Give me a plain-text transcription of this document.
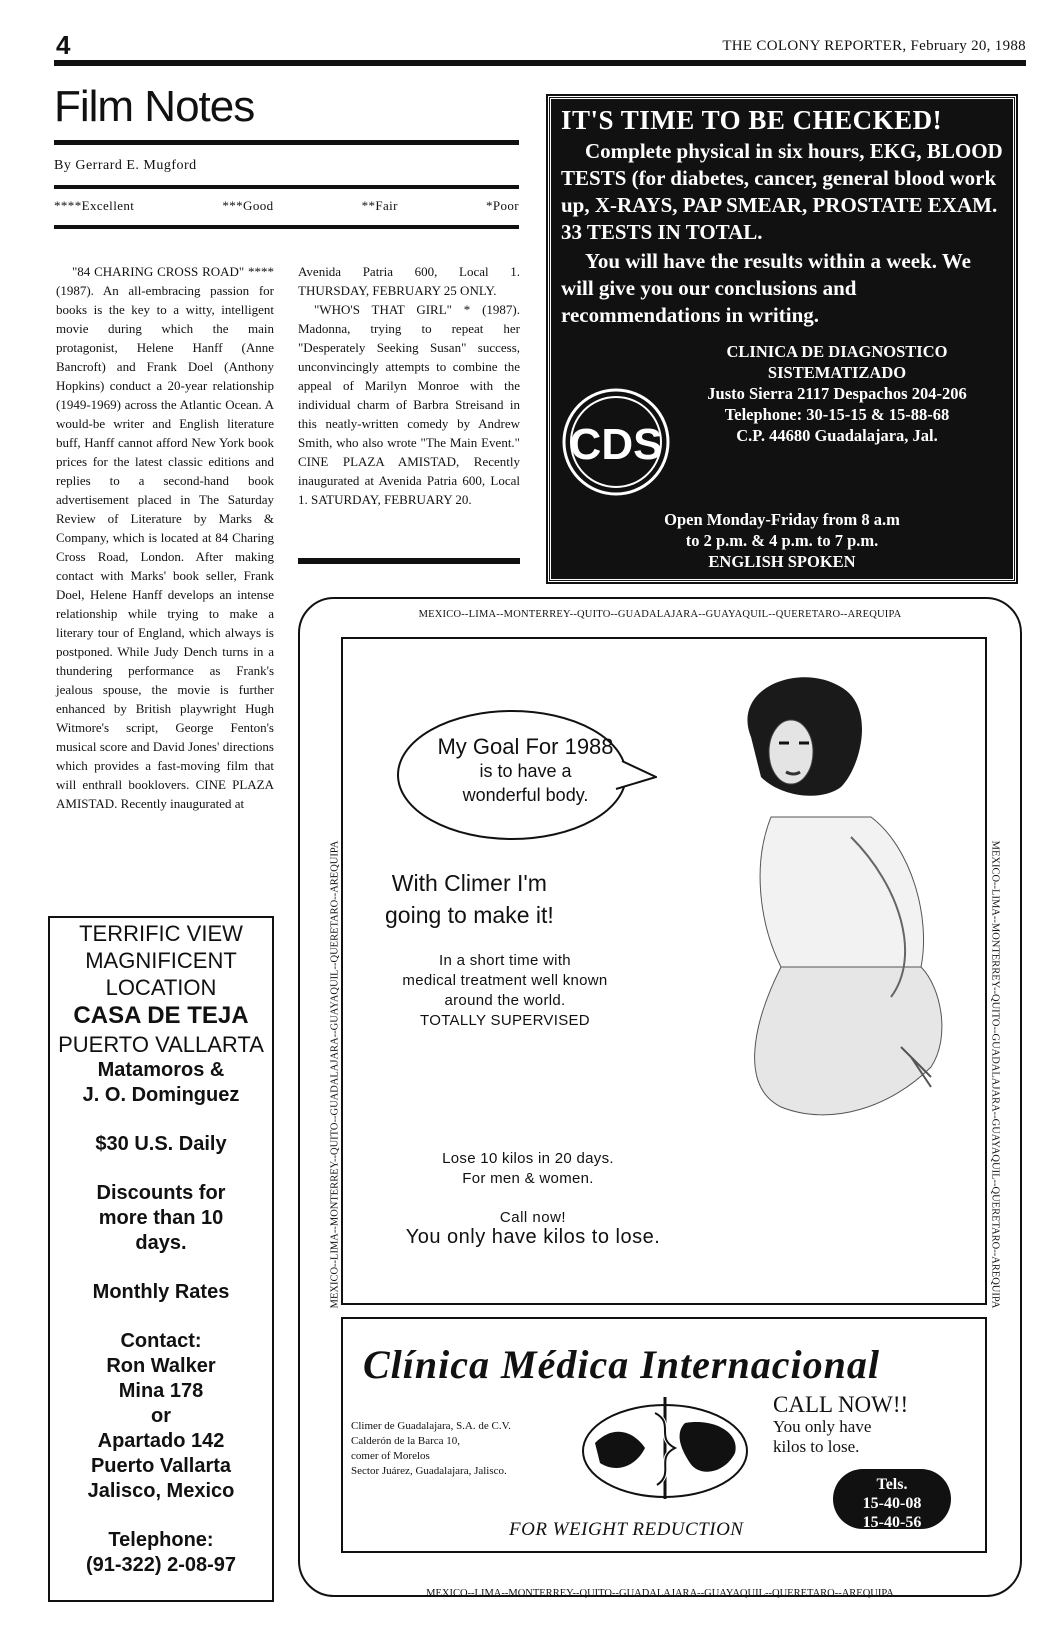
4	THE COLONY REPORTER, February 20, 1988
Film Notes
By Gerrard E. Mugford
****Excellent	***Good	**Fair	*Poor

"84 CHARING CROSS ROAD" **** (1987). An all-embracing passion for books is the key to a witty, intelligent movie during which the main protagonist, Helene Hanff (Anne Bancroft) and Frank Doel (Anthony Hopkins) conduct a 20-year relationship (1949-1969) across the Atlantic Ocean. A would-be writer and English literature buff, Hanff cannot afford New York book prices for the latest classic editions and replies to a second-hand book advertisement placed in The Saturday Review of Literature by Marks & Company, which is located at 84 Charing Cross Road, London. After making contact with Marks' book seller, Frank Doel, Helene Hanff develops an intense relationship while trying to make a literary tour of England, which always is postponed. While Judy Dench turns in a thundering performance as Frank's jealous spouse, the movie is further enhanced by British playwright Hugh Witmore's script, George Fenton's musical score and David Jones' directions which provides a fast-moving film that will enthrall booklovers. CINE PLAZA AMISTAD. Recently inaugurated at

Avenida Patria 600, Local 1. THURSDAY, FEBRUARY 25 ONLY.

"WHO'S THAT GIRL" * (1987). Madonna, trying to repeat her "Desperately Seeking Susan" success, unconvincingly attempts to combine the appeal of Marilyn Monroe with the individual charm of Barbra Streisand in this neatly-written comedy by Andrew Smith, who also wrote "The Main Event." CINE PLAZA AMISTAD, Recently inaugurated at Avenida Patria 600, Local 1. SATURDAY, FEBRUARY 20.

IT'S TIME TO BE CHECKED!
Complete physical in six hours, EKG, BLOOD TESTS (for diabetes, cancer, general blood work up, X-RAYS, PAP SMEAR, PROSTATE EXAM. 33 TESTS IN TOTAL.
You will have the results within a week. We will give you our conclusions and recommendations in writing.
CDS
CLINICA DE DIAGNOSTICO
SISTEMATIZADO
Justo Sierra 2117 Despachos 204-206
Telephone: 30-15-15 & 15-88-68
C.P. 44680 Guadalajara, Jal.
Open Monday-Friday from 8 a.m
to 2 p.m. & 4 p.m. to 7 p.m.
ENGLISH SPOKEN
TERRIFIC VIEW
MAGNIFICENT
LOCATION
CASA DE TEJA
PUERTO VALLARTA
Matamoros &
J. O. Dominguez
$30 U.S. Daily
Discounts for
more than 10
days.
Monthly Rates
Contact:
Ron Walker
Mina 178
or
Apartado 142
Puerto Vallarta
Jalisco, Mexico
Telephone:
(91-322) 2-08-97
MEXICO--LIMA--MONTERREY--QUITO--GUADALAJARA--GUAYAQUIL--QUERETARO--AREQUIPA
MEXICO--LIMA--MONTERREY--QUITO--GUADALAJARA--GUAYAQUIL--QUERETARO--AREQUIPA	MEXICO--LIMA--MONTERREY--QUITO--GUADALAJARA--GUAYAQUIL--QUERETARO--AREQUIPA
MEXICO--LIMA--MONTERREY--QUITO--GUADALAJARA--GUAYAQUIL--QUERETARO--AREQUIPA
My Goal For 1988
is to have a
wonderful body.
With Climer I'm
going to make it!
In a short time with
medical treatment well known
around the world.
TOTALLY SUPERVISED
Lose 10 kilos in 20 days.
For men & women.
Call now!
You only have kilos to lose.
Clínica Médica Internacional
Climer de Guadalajara, S.A. de C.V.
Calderón de la Barca 10,
comer of Morelos
Sector Juárez, Guadalajara, Jalisco.
CALL NOW!!
You only have
kilos to lose.
Tels.
15-40-08
15-40-56
FOR WEIGHT REDUCTION
